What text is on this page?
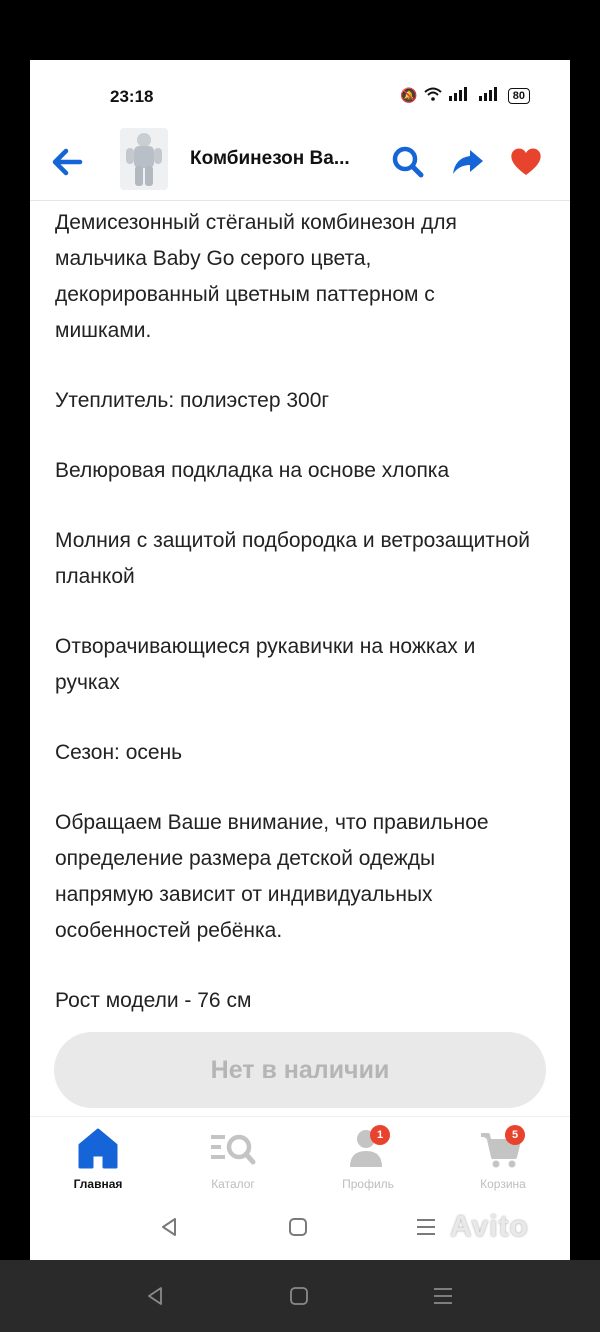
23:18	🔕	80
Комбинезон Ва...

Демисезонный стёганый комбинезон для мальчика Baby Go серого цвета, декорированный цветным паттерном с мишками.

Утеплитель: полиэстер 300г

Велюровая подкладка на основе хлопка

Молния с защитой подбородка и ветрозащитной планкой

Отворачивающиеся рукавички на ножках и ручках

Сезон: осень

Обращаем Ваше внимание, что правильное определение размера детской одежды напрямую зависит от индивидуальных особенностей ребёнка.

Рост модели - 76 см

Нет в наличии
Главная	Каталог
1
Профиль
5
Корзина
Avito
